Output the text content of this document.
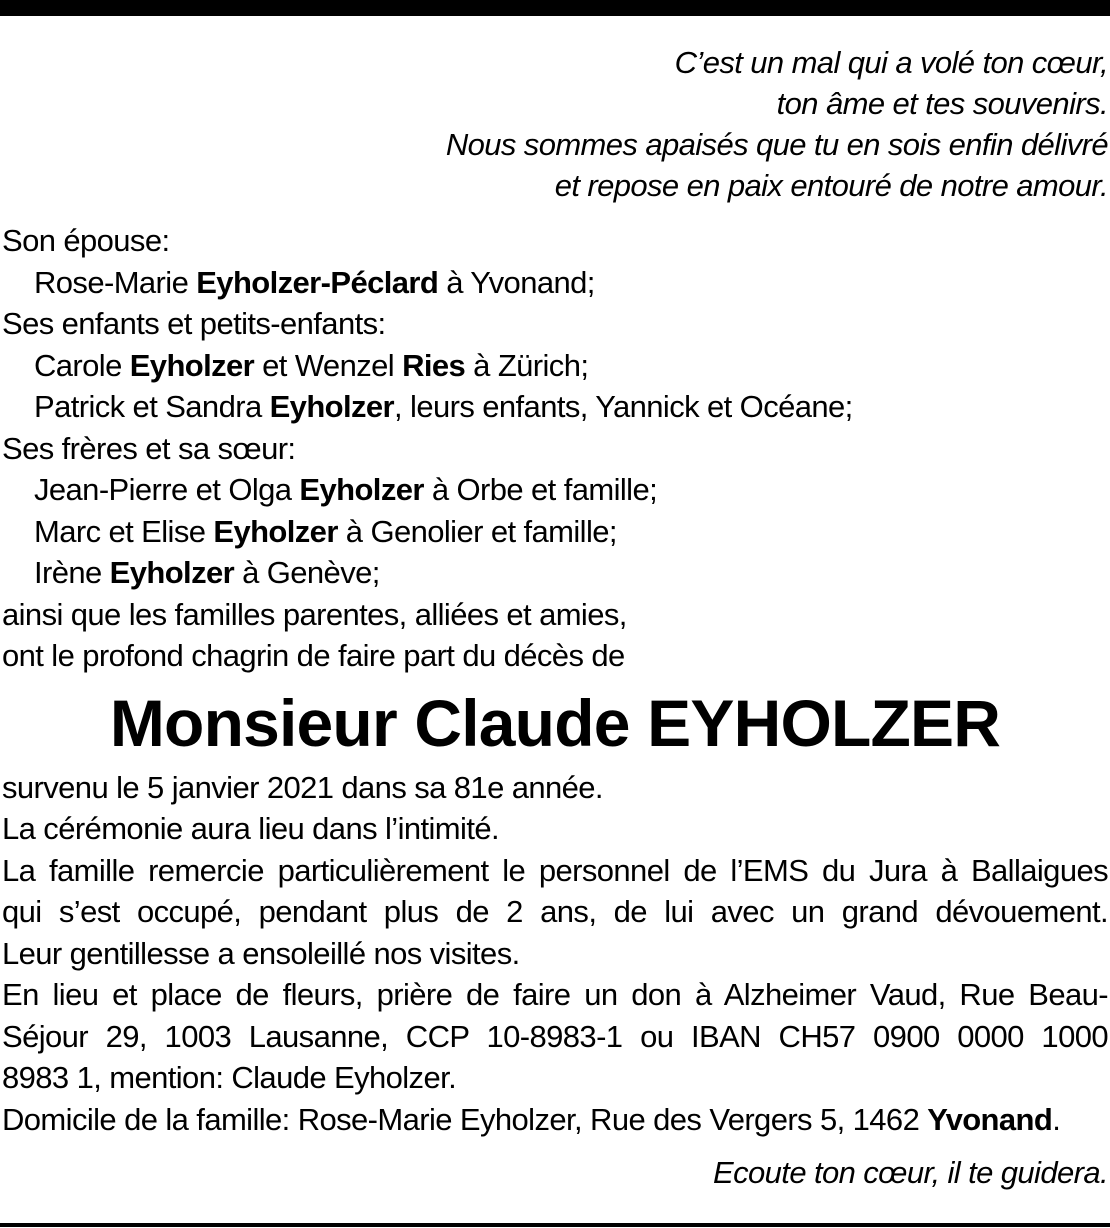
C’est un mal qui a volé ton cœur,
ton âme et tes souvenirs.
Nous sommes apaisés que tu en sois enfin délivré
et repose en paix entouré de notre amour.
Son épouse:
Rose-Marie Eyholzer-Péclard à Yvonand;
Ses enfants et petits-enfants:
Carole Eyholzer et Wenzel Ries à Zürich;
Patrick et Sandra Eyholzer, leurs enfants, Yannick et Océane;
Ses frères et sa sœur:
Jean-Pierre et Olga Eyholzer à Orbe et famille;
Marc et Elise Eyholzer à Genolier et famille;
Irène Eyholzer à Genève;
ainsi que les familles parentes, alliées et amies,
ont le profond chagrin de faire part du décès de
Monsieur Claude EYHOLZER
survenu le 5 janvier 2021 dans sa 81e année.
La cérémonie aura lieu dans l’intimité.
La famille remercie particulièrement le personnel de l’EMS du Jura à Ballaigues
qui s’est occupé, pendant plus de 2 ans, de lui avec un grand dévouement.
Leur gentillesse a ensoleillé nos visites.
En lieu et place de fleurs, prière de faire un don à Alzheimer Vaud, Rue Beau-
Séjour 29, 1003 Lausanne, CCP 10-8983-1 ou IBAN CH57 0900 0000 1000
8983 1, mention: Claude Eyholzer.
Domicile de la famille: Rose-Marie Eyholzer, Rue des Vergers 5, 1462 Yvonand.
Ecoute ton cœur, il te guidera.
